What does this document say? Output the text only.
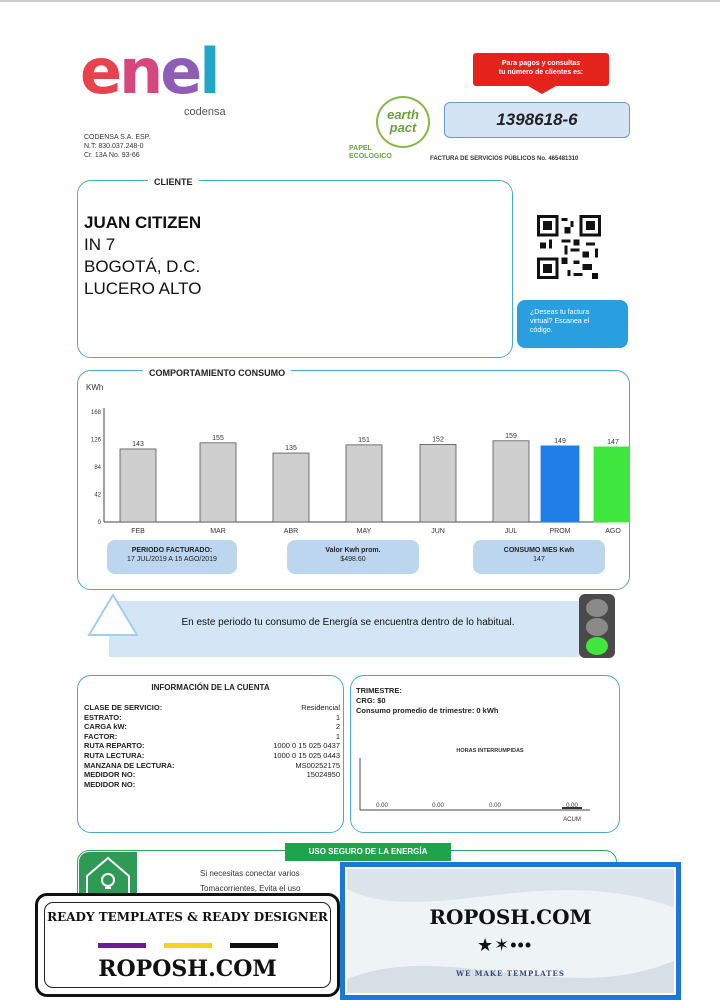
enel
codensa
CODENSA S.A. ESP.
N.T: 830.037.248-0
Cr. 13A No. 93-66
earth
pact
PAPEL
ECOLOGICO
Para pagos y consultas
tu número de clientes es:
1398618-6
FACTURA DE SERVICIOS PÚBLICOS No. 465481310
CLIENTE
JUAN CITIZEN
IN 7
BOGOTÁ, D.C.
LUCERO ALTO
¿Deseas tu factura
virtual? Escanea el
código.
COMPORTAMIENTO CONSUMO
KWh
0
42
84
126
168
143
FEB
155
MAR
135
ABR
151
MAY
152
JUN
159
JUL
149
PROM
147
AGO
PERIODO FACTURADO:
17 JUL/2019 A 15 AGO/2019
Valor Kwh prom.
$498.60
CONSUMO MES Kwh
147
En este periodo tu consumo de Energía se encuentra dentro de lo habitual.
INFORMACIÓN DE LA CUENTA
CLASE DE SERVICIO:	Residencial
ESTRATO:	1
CARGA kW:	2
FACTOR:	1
RUTA REPARTO:	1000 0 15 025 0437
RUTA LECTURA:	1000 0 15 025 0443
MANZANA DE LECTURA:	MS00252175
MEDIDOR NO:	15024950
MEDIDOR NO:
TRIMESTRE:
CRG: $0
Consumo promedio de trimestre: 0 kWh
HORAS INTERRUMPIDAS
0.00	0.00	0.00	0.00
ACUM
USO SEGURO DE LA ENERGÍA
Si necesitas conectar varios
Tomacorrientes, Evita el uso
READY TEMPLATES & READY DESIGNER
ROPOSH.COM
ROPOSH.COM
★✶•••
WE MAKE TEMPLATES
